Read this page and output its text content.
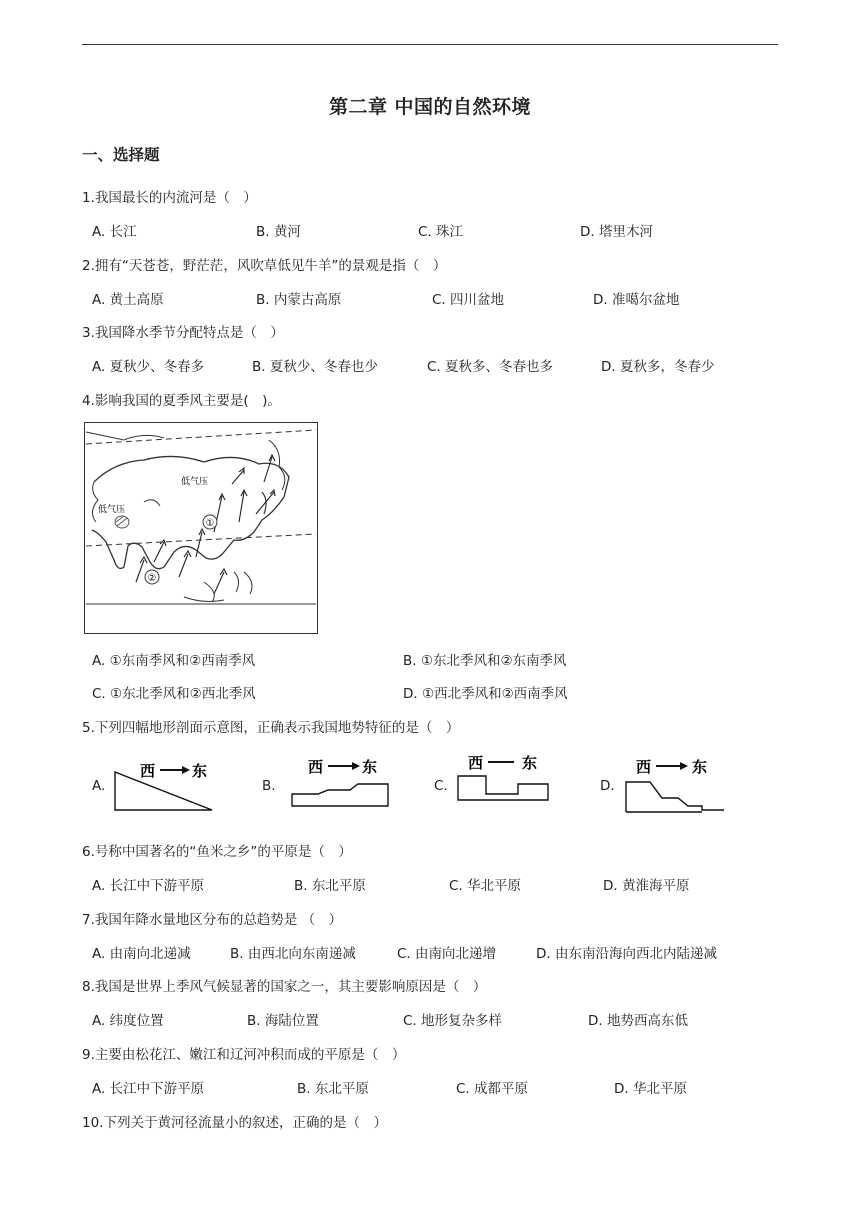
第二章 中国的自然环境
一、选择题
1.我国最长的内流河是（　）
A. 长江	B. 黄河	C. 珠江	D. 塔里木河
2.拥有“天苍苍，野茫茫，风吹草低见牛羊”的景观是指（　）
A. 黄土高原	B. 内蒙古高原	C. 四川盆地	D. 准噶尔盆地
3.我国降水季节分配特点是（　）
A. 夏秋少、冬春多	B. 夏秋少、冬春也少	C. 夏秋多、冬春也多	D. 夏秋多，冬春少
4.影响我国的夏季风主要是(　)。
①
②
低气压
低气压
A. ①东南季风和②西南季风	B. ①东北季风和②东南季风
C. ①东北季风和②西北季风	D. ①西北季风和②西南季风
5.下列四幅地形剖面示意图，正确表示我国地势特征的是（　）
A.
西 东
B.
西	东
C.
西	东
D.
西	东
6.号称中国著名的“鱼米之乡”的平原是（　）
A. 长江中下游平原	B. 东北平原	C. 华北平原	D. 黄淮海平原
7.我国年降水量地区分布的总趋势是 （　）
A. 由南向北递减	B. 由西北向东南递减	C. 由南向北递增	D. 由东南沿海向西北内陆递减
8.我国是世界上季风气候显著的国家之一，其主要影响原因是（　）
A. 纬度位置	B. 海陆位置	C. 地形复杂多样	D. 地势西高东低
9.主要由松花江、嫩江和辽河冲积而成的平原是（　）
A. 长江中下游平原	B. 东北平原	C. 成都平原	D. 华北平原
10.下列关于黄河径流量小的叙述，正确的是（　）
